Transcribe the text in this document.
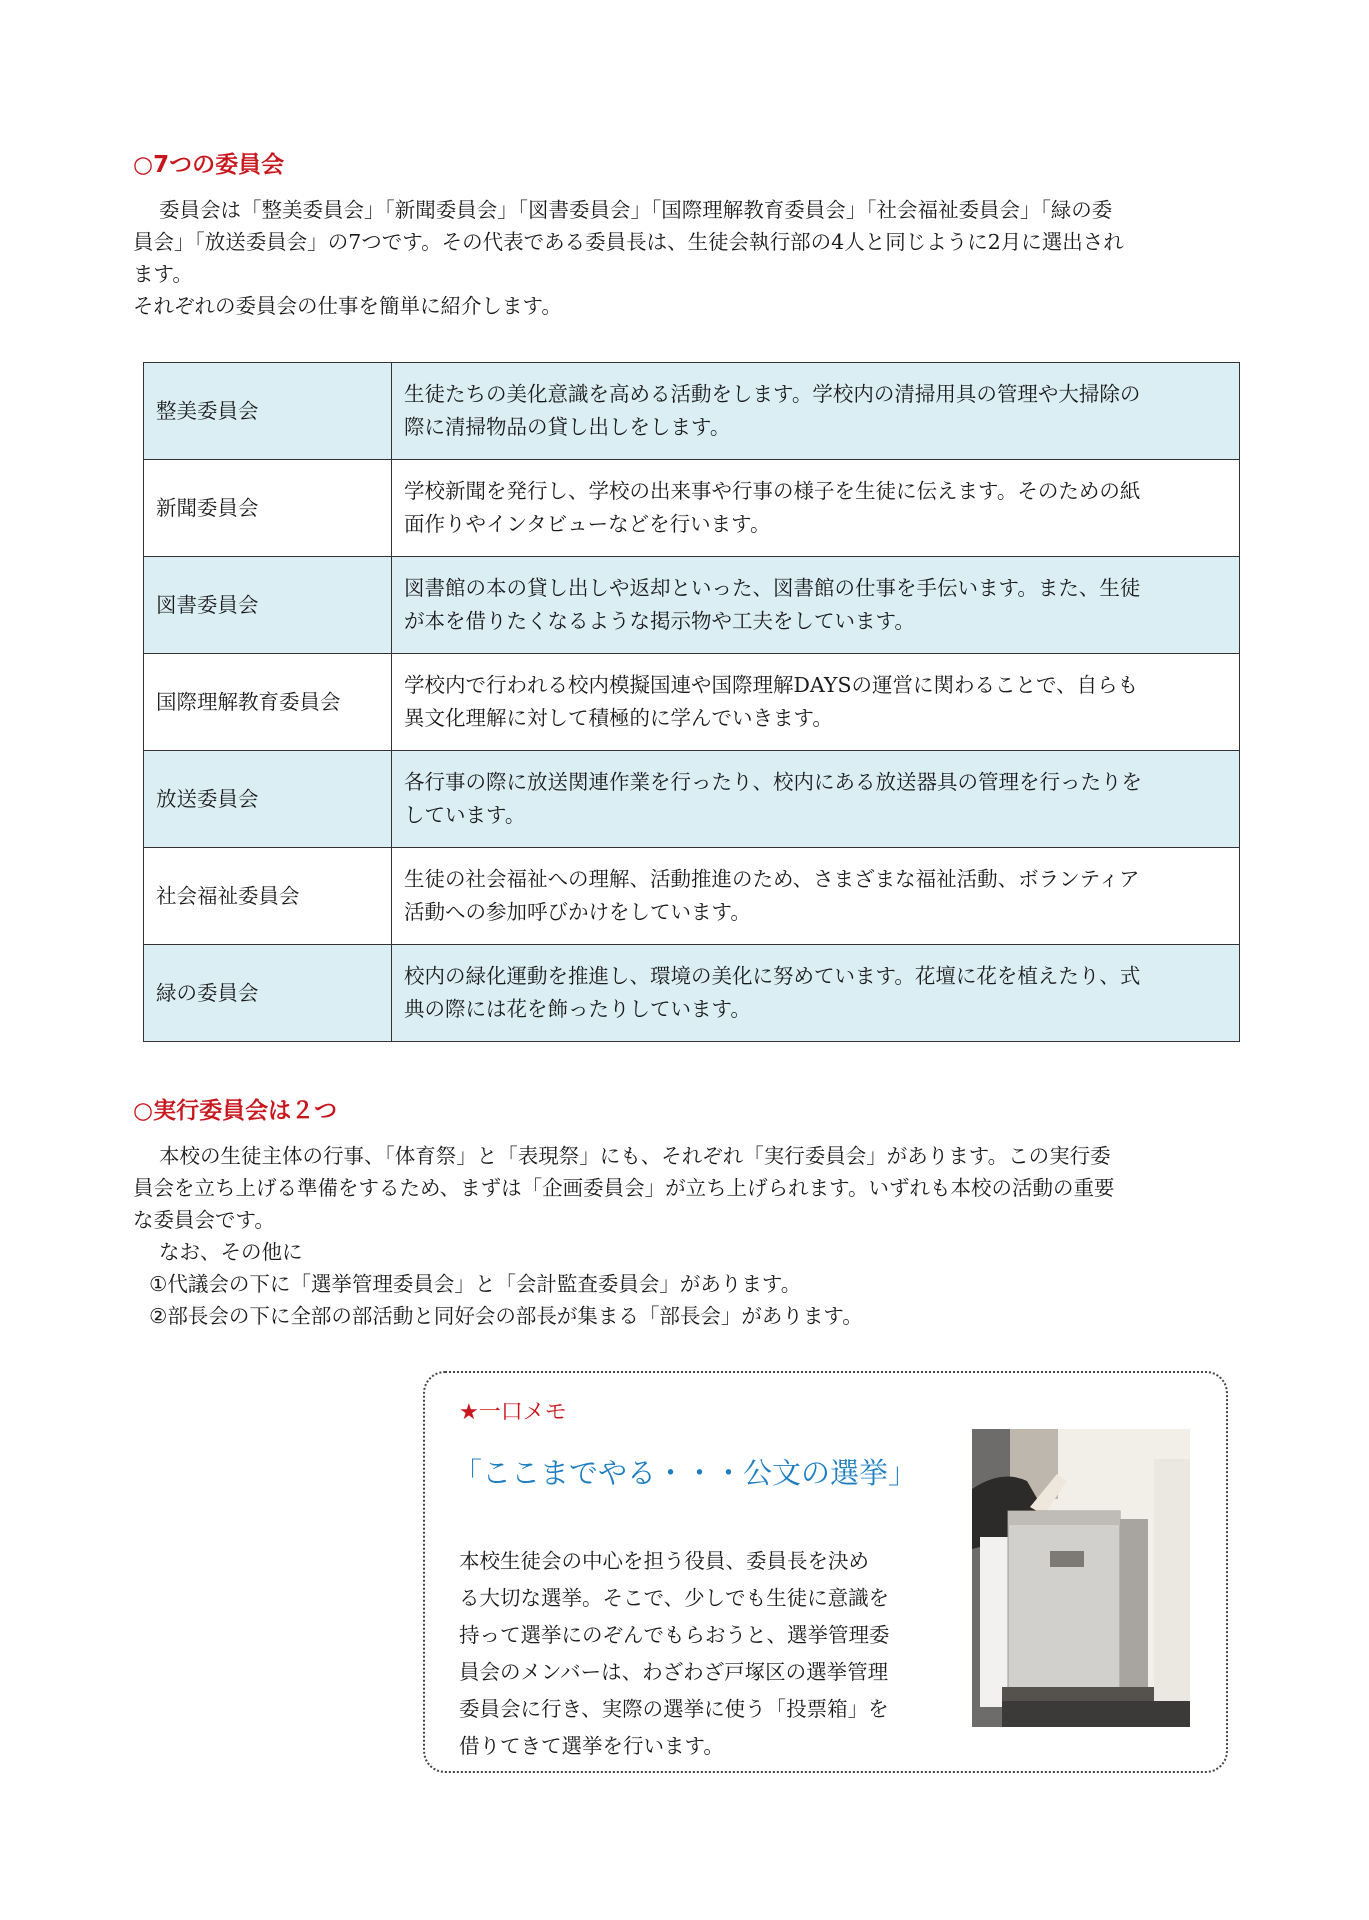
○7つの委員会

委員会は「整美委員会」「新聞委員会」「図書委員会」「国際理解教育委員会」「社会福祉委員会」「緑の委
員会」「放送委員会」の7つです。その代表である委員長は、生徒会執行部の4人と同じように2月に選出され
ます。
それぞれの委員会の仕事を簡単に紹介します。

整美委員会	生徒たちの美化意識を高める活動をします。学校内の清掃用具の管理や大掃除の
際に清掃物品の貸し出しをします。
新聞委員会	学校新聞を発行し、学校の出来事や行事の様子を生徒に伝えます。そのための紙
面作りやインタビューなどを行います。
図書委員会	図書館の本の貸し出しや返却といった、図書館の仕事を手伝います。また、生徒
が本を借りたくなるような掲示物や工夫をしています。
国際理解教育委員会	学校内で行われる校内模擬国連や国際理解DAYSの運営に関わることで、自らも
異文化理解に対して積極的に学んでいきます。
放送委員会	各行事の際に放送関連作業を行ったり、校内にある放送器具の管理を行ったりを
しています。
社会福祉委員会	生徒の社会福祉への理解、活動推進のため、さまざまな福祉活動、ボランティア
活動への参加呼びかけをしています。
緑の委員会	校内の緑化運動を推進し、環境の美化に努めています。花壇に花を植えたり、式
典の際には花を飾ったりしています。
○実行委員会は２つ

本校の生徒主体の行事、「体育祭」と「表現祭」にも、それぞれ「実行委員会」があります。この実行委
員会を立ち上げる準備をするため、まずは「企画委員会」が立ち上げられます。いずれも本校の活動の重要
な委員会です。
なお、その他に
①代議会の下に「選挙管理委員会」と「会計監査委員会」があります。
②部長会の下に全部の部活動と同好会の部長が集まる「部長会」があります。

★一口メモ
「ここまでやる・・・公文の選挙」

本校生徒会の中心を担う役員、委員長を決め
る大切な選挙。そこで、少しでも生徒に意識を
持って選挙にのぞんでもらおうと、選挙管理委
員会のメンバーは、わざわざ戸塚区の選挙管理
委員会に行き、実際の選挙に使う「投票箱」を
借りてきて選挙を行います。
